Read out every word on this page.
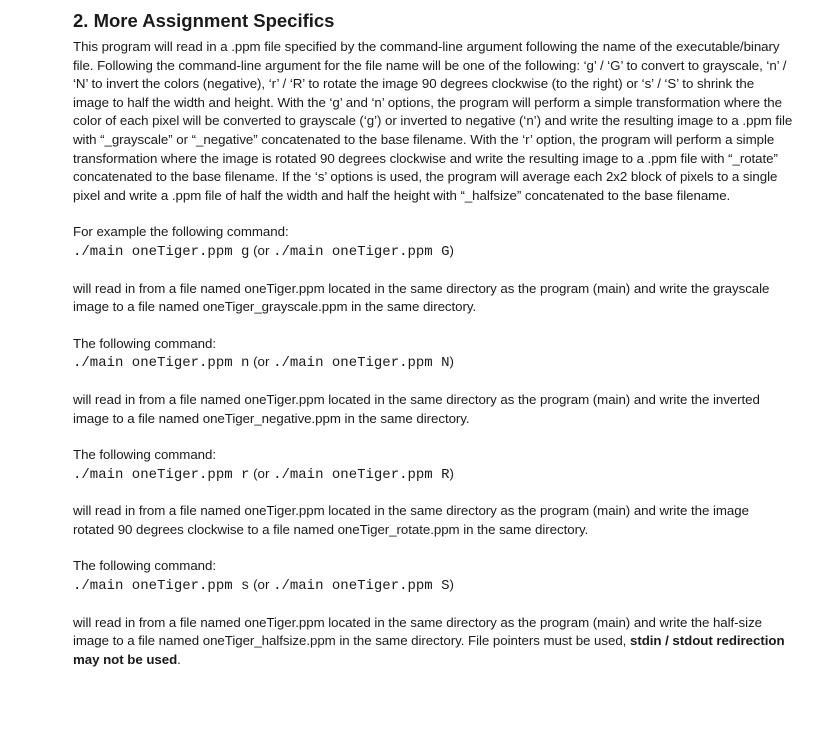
2. More Assignment Specifics

This program will read in a .ppm file specified by the command-line argument following the name of the executable/binary file. Following the command-line argument for the file name will be one of the following: ‘g’ / ‘G’ to convert to grayscale, ‘n’ / ‘N’ to invert the colors (negative), ‘r’ / ‘R’ to rotate the image 90 degrees clockwise (to the right) or ‘s’ / ‘S’ to shrink the image to half the width and height. With the ‘g’ and ‘n’ options, the program will perform a simple transformation where the color of each pixel will be converted to grayscale (‘g’) or inverted to negative (‘n’) and write the resulting image to a .ppm file with “_grayscale” or “_negative” concatenated to the base filename. With the ‘r’ option, the program will perform a simple transformation where the image is rotated 90 degrees clockwise and write the resulting image to a .ppm file with “_rotate” concatenated to the base filename. If the ‘s’ options is used, the program will average each 2x2 block of pixels to a single pixel and write a .ppm file of half the width and half the height with “_halfsize” concatenated to the base filename.

For example the following command:

./main oneTiger.ppm g (or ./main oneTiger.ppm G)

will read in from a file named oneTiger.ppm located in the same directory as the program (main) and write the grayscale image to a file named oneTiger_grayscale.ppm in the same directory.

The following command:

./main oneTiger.ppm n (or ./main oneTiger.ppm N)

will read in from a file named oneTiger.ppm located in the same directory as the program (main) and write the inverted image to a file named oneTiger_negative.ppm in the same directory.

The following command:

./main oneTiger.ppm r (or ./main oneTiger.ppm R)

will read in from a file named oneTiger.ppm located in the same directory as the program (main) and write the image rotated 90 degrees clockwise to a file named oneTiger_rotate.ppm in the same directory.

The following command:

./main oneTiger.ppm s (or ./main oneTiger.ppm S)

will read in from a file named oneTiger.ppm located in the same directory as the program (main) and write the half-size image to a file named oneTiger_halfsize.ppm in the same directory. File pointers must be used, stdin / stdout redirection may not be used.
